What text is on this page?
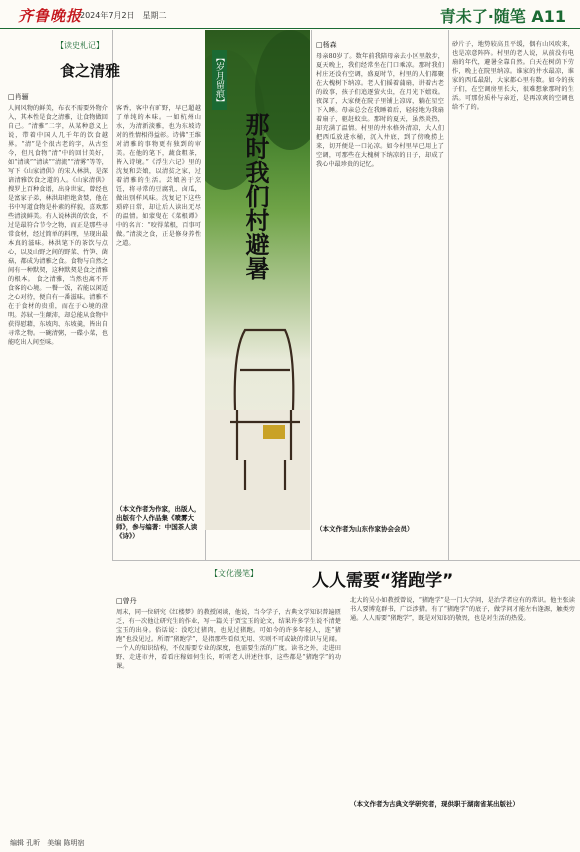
齐鲁晚报
2024年7月2日　星期二	青未了·随笔 A11
【读史札记】
食之清雅
□肖骊
人间风物的鲜美，布衣不需要外物介入，其本性是食之清雅，让食物做回自己。“清雅”二字，从某种意义上说，带着中国人几千年的饮食越界。“清”是个很古老的字，从古至今，但凡食物“清”中的回甘美好，如“清谈”“清读”“清流”“清雾”等等，写下《山家清供》的宋人林洪，是深谙清雅饮食之道的人。《山家清供》搜罗上百种食谱，出身世家，曾经也是富家子弟，林洪却拒绝贪婪，他在书中写道食物是朴素的样貌，喜欢那些清淡鲜美。有人说林洪的饮食，不过是最符合节令之物，而正是那些寻常食材，经过简单的料理，呈现出最本真的滋味。林洪笔下的茶饮与点心，以及山野之间的野菜、竹笋、菌菇，都成为清雅之食。食物与自然之间有一种默契，这种默契是食之清雅的根本。 食之清雅，当然也离不开食客的心境。一餐一饭，若能以闲适之心对待，便自有一番滋味。清雅不在于食材的贵重，而在于心境的澄明。苏轼一生颠沛，却总能从食物中获得慰藉，东坡肉、东坡羹，皆出自寻常之物。一碗清粥，一碟小菜，也能吃出人间至味。
客香，客中有旷野，早已超越了单纯的本味。一如杭州山水，为清新淡雅，也为东坡诗对的性情相得益彰。诗佛“王维对清雅的事物更有独到的审美。在他的笔下，蔬食粗茶，皆入诗境。”《浮生六记》里的沈复和芸娘，以清贫之家，过着清雅的生活。芸娘善于烹饪，将寻常的豆腐乳、卤瓜，做出别样风味。沈复记下这些琐碎日常，却让后人读出无尽的温情。如蒙叟在《菜根谭》中的名言：“咬得菜根，百事可做。”清淡之食，正是修身养性之道。
（本文作者为作家，出版人，出版有个人作品集《喷雾大师》，参与编著：中国茶人读《诗》）
【岁月留痕】
那时我们村避暑
□杨森
母亲80岁了。数年前我陪母亲去小区里散步，夏天晚上，我们经常坐在门口乘凉。那时我们村庄还没有空调，盛夏时节，村里的人们都聚在大槐树下纳凉。老人们摇着蒲扇，讲着古老的故事，孩子们追逐萤火虫，在月光下嬉戏。夜深了，大家便在院子里铺上凉席，躺在星空下入睡。母亲总会在我睡着后，轻轻地为我扇着扇子，驱赶蚊虫。那时的夏天，虽然炎热，却充满了温情。村里的井水格外清凉，大人们把西瓜放进水桶，沉入井底，到了傍晚捞上来，切开便是一口沁凉。如今村里早已用上了空调，可那些在大槐树下纳凉的日子，却成了我心中最珍贵的记忆。
（本文作者为山东作家协会会员）
砂片子，地势较高且平缓，偶有山风吹来，也是凉意阵阵。村里的老人说，从前没有电扇的年代，避暑全靠自然。白天在树荫下劳作，晚上在院里纳凉。谁家的井水最凉，谁家的西瓜最甜，大家都心里有数。如今的孩子们，在空调房里长大，很难想象那时的生活。可那份质朴与亲近，是再凉爽的空调也给不了的。
【文化漫笔】	人人需要“猪跑学”
□曾丹
周末，同一位研究《红楼梦》的教授闲谈，他说，当今学子，古典文学知识普遍匮乏，有一次他让研究生的作业，写一篇关于贾宝玉的论文，结果许多学生说不清楚宝玉的出身。俗话说：没吃过猪肉，也见过猪跑。可如今的许多年轻人，连“猪跑”也没见过。所谓“猪跑学”，是指那些看似无用、实则不可或缺的常识与见闻。一个人的知识结构，不仅需要专业的深度，也需要生活的广度。读书之外，走进田野、走进市井，看看庄稼如何生长，听听老人讲述往事，这些都是“猪跑学”的功课。
北大的吴小如教授曾说，“猪跑学”是一门大学问，是治学者应有的常识。他主张读书人要博览群书，广泛涉猎。有了“猪跑学”的底子，做学问才能左右逢源，触类旁通。人人需要“猪跑学”，既是对知识的敬畏，也是对生活的热爱。
（本文作者为古典文学研究者，现供职于湖南省某出版社）
编辑 孔昕　美编 陈明宿
